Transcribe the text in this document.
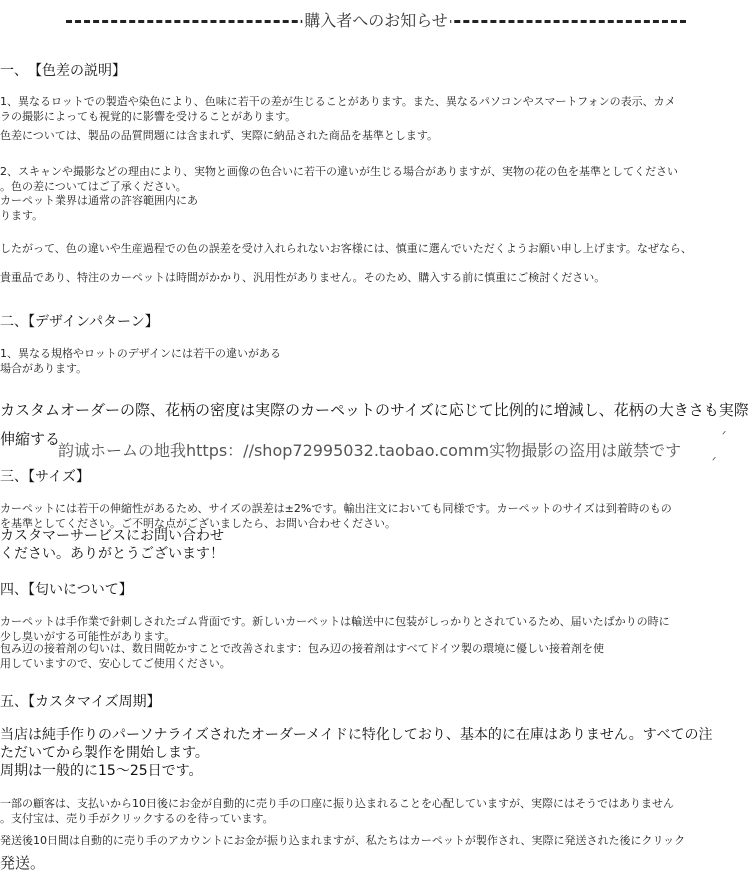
購入者へのお知らせ
一、　【色差の説明】
1、異なるロットでの製造や染色により、色味に若干の差が生じることがあります。また、異なるパソコンやスマートフォンの表示、カメ
ラの撮影によっても視覚的に影響を受けることがあります。
色差については、製品の品質問題には含まれず、実際に納品された商品を基準とします。
2、スキャンや撮影などの理由により、実物と画像の色合いに若干の違いが生じる場合がありますが、実物の花の色を基準としてください
。色の差についてはご了承ください。
カーペット業界は通常の許容範囲内にあ
ります。
したがって、色の違いや生産過程での色の誤差を受け入れられないお客様には、慎重に選んでいただくようお願い申し上げます。なぜなら、
貴重品であり、特注のカーペットは時間がかかり、汎用性がありません。そのため、購入する前に慎重にご検討ください。
二、【デザインパターン】
1、異なる規格やロットのデザインには若干の違いがある
場合があります。
カスタムオーダーの際、花柄の密度は実際のカーペットのサイズに応じて比例的に増減し、花柄の大きさも実際
伸縮する
韵诚ホームの地我https：//shop72995032.taobao.comm实物撮影の盗用は厳禁です
ᐟ
ᐟ
三、【サイズ】
カーペットには若干の伸縮性があるため、サイズの誤差は±2%です。輸出注文においても同様です。カーペットのサイズは到着時のもの
を基準としてください。ご不明な点がございましたら、お問い合わせください。
カスタマーサービスにお問い合わせ
ください。ありがとうございます！
四、【匂いについて】
カーペットは手作業で針刺しされたゴム背面です。新しいカーペットは輸送中に包装がしっかりとされているため、届いたばかりの時に
少し臭いがする可能性があります。
包み辺の接着剤の匂いは、数日間乾かすことで改善されます：包み辺の接着剤はすべてドイツ製の環境に優しい接着剤を使
用していますので、安心してご使用ください。
五、【カスタマイズ周期】
当店は純手作りのパーソナライズされたオーダーメイドに特化しており、基本的に在庫はありません。すべての注
ただいてから製作を開始します。
周期は一般的に15～25日です。
一部の顧客は、支払いから10日後にお金が自動的に売り手の口座に振り込まれることを心配していますが、実際にはそうではありません
。支付宝は、売り手がクリックするのを待っています。
発送後10日間は自動的に売り手のアカウントにお金が振り込まれますが、私たちはカーペットが製作され、実際に発送された後にクリック
発送。
